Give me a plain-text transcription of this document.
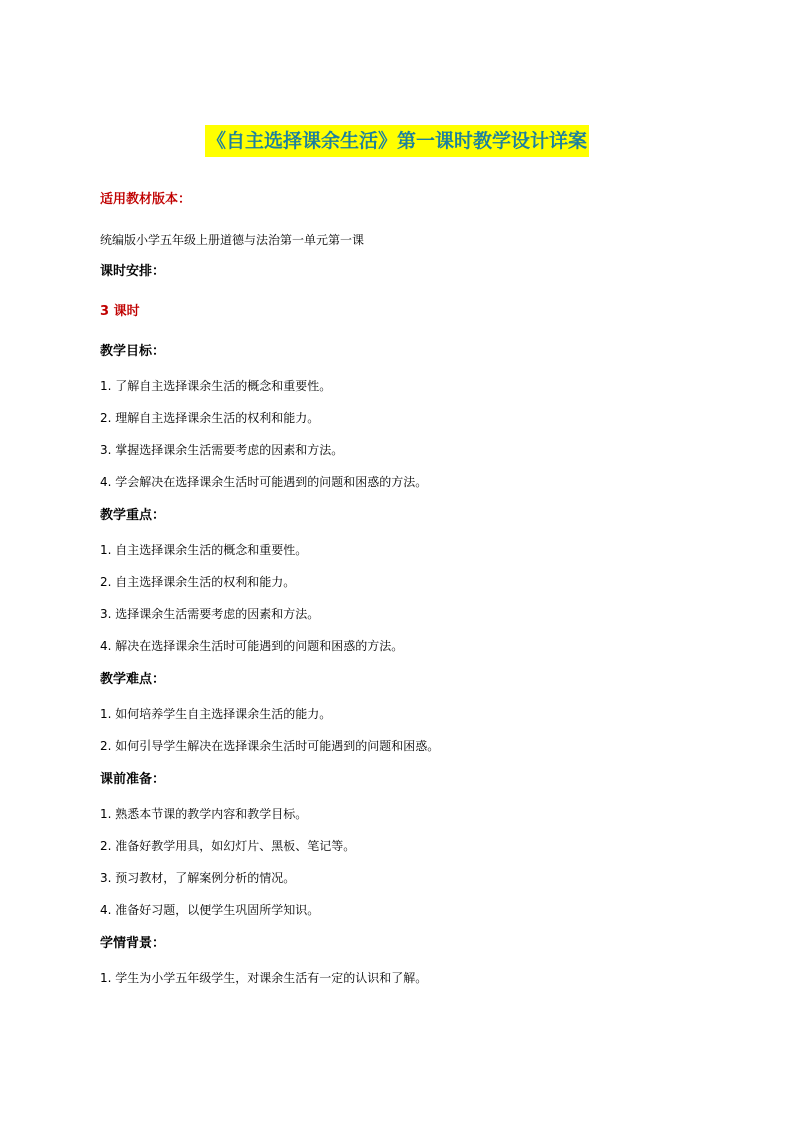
《自主选择课余生活》第一课时教学设计详案
适用教材版本：
统编版小学五年级上册道德与法治第一单元第一课
课时安排：
3 课时
教学目标：
1. 了解自主选择课余生活的概念和重要性。
2. 理解自主选择课余生活的权利和能力。
3. 掌握选择课余生活需要考虑的因素和方法。
4. 学会解决在选择课余生活时可能遇到的问题和困惑的方法。
教学重点：
1. 自主选择课余生活的概念和重要性。
2. 自主选择课余生活的权利和能力。
3. 选择课余生活需要考虑的因素和方法。
4. 解决在选择课余生活时可能遇到的问题和困惑的方法。
教学难点：
1. 如何培养学生自主选择课余生活的能力。
2. 如何引导学生解决在选择课余生活时可能遇到的问题和困惑。
课前准备：
1. 熟悉本节课的教学内容和教学目标。
2. 准备好教学用具，如幻灯片、黑板、笔记等。
3. 预习教材，了解案例分析的情况。
4. 准备好习题，以便学生巩固所学知识。
学情背景：
1. 学生为小学五年级学生，对课余生活有一定的认识和了解。
